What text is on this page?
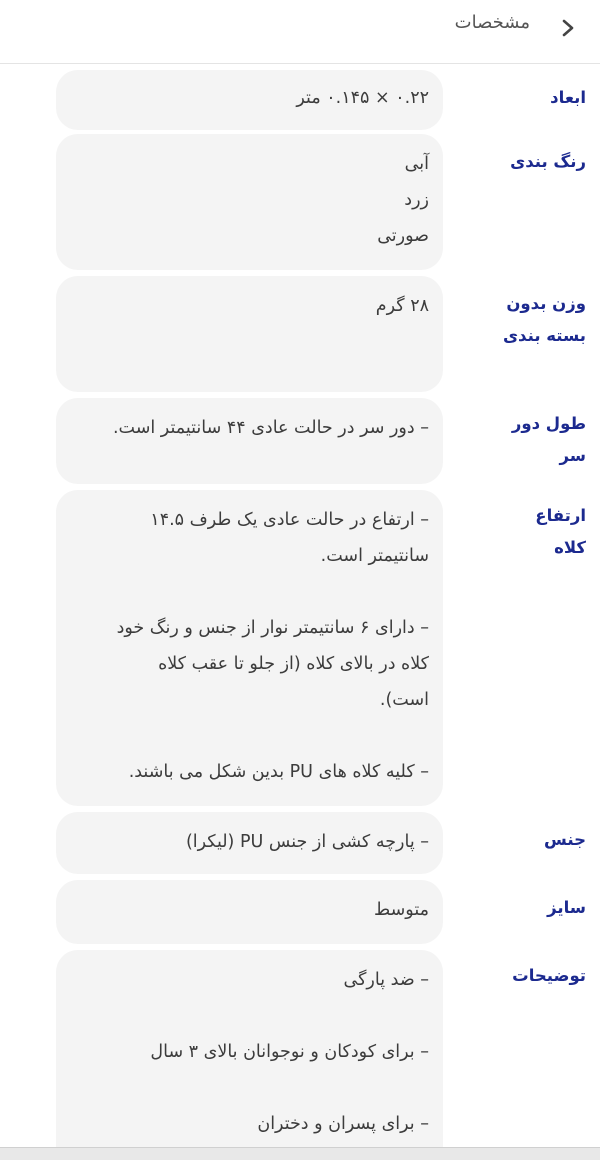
مشخصات
ابعاد
۰.۲۲ × ۰.۱۴۵ متر
رنگ بندی
آبی
زرد
صورتی
وزن بدون بسته بندی
۲۸ گرم
طول دور سر
– دور سر در حالت عادی ۴۴ سانتیمتر است.
ارتفاع کلاه
– ارتفاع در حالت عادی یک طرف ۱۴.۵
سانتیمتر است.
– دارای ۶ سانتیمتر نوار از جنس و رنگ خود
کلاه در بالای کلاه (از جلو تا عقب کلاه
است).
– کلیه کلاه های PU بدین شکل می باشند.
جنس
– پارچه کشی از جنس PU (لیکرا)
سایز
متوسط
توضیحات
– ضد پارگی
– برای کودکان و نوجوانان بالای ۳ سال
– برای پسران و دختران
